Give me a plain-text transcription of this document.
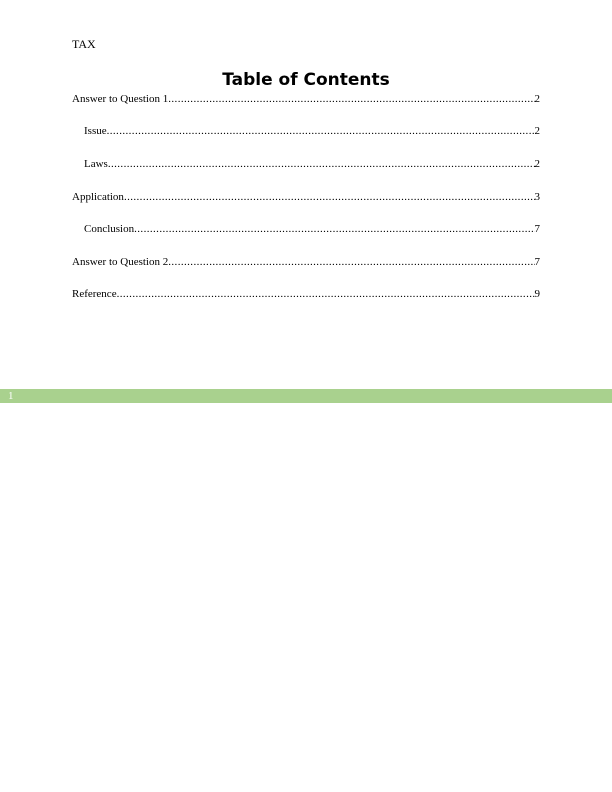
TAX
Table of Contents
Answer to Question 1 .....	2
Issue .....	2
Laws .....	2
Application .....	3
Conclusion .....	7
Answer to Question 2 .....	7
Reference .....	9
1
